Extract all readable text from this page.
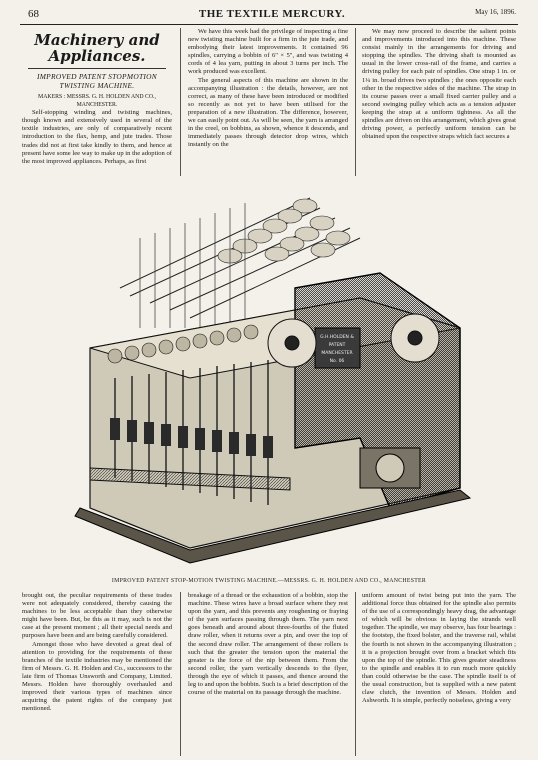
68	THE TEXTILE MERCURY.	May 16, 1896.
Machinery and
Appliances.
IMPROVED PATENT STOPMOTION
TWISTING MACHINE.
MAKERS : MESSRS. G. H. HOLDEN AND CO.,
MANCHESTER.

Self-stopping winding and twisting machines, though known and extensively used in several of the textile industries, are only of comparatively recent introduction to the flax, hemp, and jute trades. Those trades did not at first take kindly to them, and hence at present have some lee way to make up in the adoption of the most improved appliances. Perhaps, as first

We have this week had the privilege of inspecting a fine new twisting machine built for a firm in the jute trade, and embodying their latest improvements. It contained 96 spindles, carrying a bobbin of 6" × 5", and was twisting 4 cords of 4 lea yarn, putting in about 3 turns per inch. The work produced was excellent.

The general aspects of this machine are shown in the accompanying illustration : the details, however, are not correct, as many of these have been introduced or modified so recently as not yet to have been utilised for the preparation of a new illustration. The difference, however, we can easily point out. As will be seen, the yarn is arranged in the creel, on bobbins, as shown, whence it descends, and immediately passes through detector drop wires, which instantly on the

We may now proceed to describe the salient points and improvements introduced into this machine. These consist mainly in the arrangements for driving and stopping the spindles. The driving shaft is mounted as usual in the lower cross-rail of the frame, and carries a driving pulley for each pair of spindles. One strap 1 in. or 1¼ in. broad drives two spindles ; the ones opposite each other in the respective sides of the machine. The strap in its course passes over a small fixed carrier pulley and a second swinging pulley which acts as a tension adjuster keeping the strap at a uniform tightness. As all the spindles are driven on this arrangement, which gives great driving power, a perfectly uniform tension can be obtained upon the respective straps which fact secures a

G.H.HOLDEN &
PATENT
MANCHESTER
No. 06
IMPROVED PATENT STOP-MOTION TWISTING MACHINE.—MESSRS. G. H. HOLDEN AND CO., MANCHESTER

brought out, the peculiar requirements of these trades were not adequately considered, thereby causing the machines to be less acceptable than they otherwise might have been. But, be this as it may, such is not the case at the present moment ; all their special needs and purposes have been and are being carefully considered.

Amongst those who have devoted a great deal of attention to providing for the requirements of these branches of the textile industries may be mentioned the firm of Messrs. G. H. Holden and Co., successors to the late firm of Thomas Unsworth and Company, Limited. Messrs. Holden have thoroughly overhauled and improved their various types of machines since acquiring the patent rights of the company just mentioned.

breakage of a thread or the exhaustion of a bobbin, stop the machine. These wires have a broad surface where they rest upon the yarn, and this prevents any roughening or fraying of the yarn surfaces passing through them. The yarn next goes beneath and around about three-fourths of the fluted draw roller, when it returns over a pin, and over the top of the second draw roller. The arrangement of these rollers is such that the greater the tension upon the material the greater is the force of the nip between them. From the second roller, the yarn vertically descends to the flyer, through the eye of which it passes, and thence around the leg to and upon the bobbin. Such is a brief description of the course of the material on its passage through the machine.

uniform amount of twist being put into the yarn. The additional force thus obtained for the spindle also permits of the use of a correspondingly heavy drag, the advantage of which will be obvious in laying the strands well together. The spindle, we may observe, has four bearings : the footstep, the fixed bolster, and the traverse rail, whilst the fourth is not shown in the accompanying illustration ; it is a projection brought over from a bracket which fits upon the top of the spindle. This gives greater steadiness to the spindle and enables it to run much more quickly than could otherwise be the case. The spindle itself is of the usual construction, but is supplied with a new patent claw clutch, the invention of Messrs. Holden and Ashworth. It is simple, perfectly noiseless, giving a very
